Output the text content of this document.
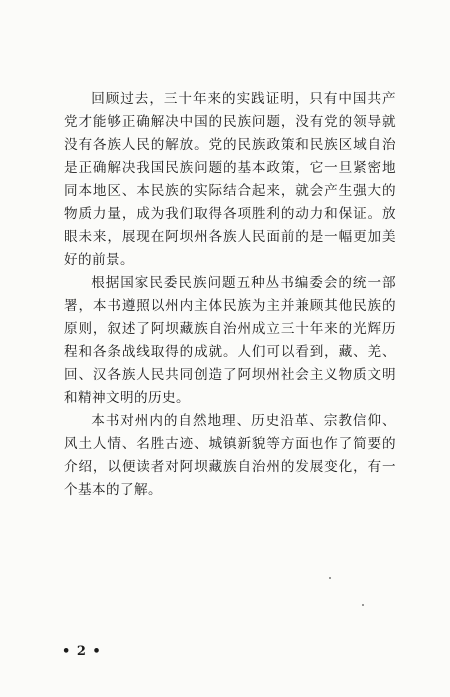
回顾过去，三十年来的实践证明，只有中国共产党才能够正确解决中国的民族问题，没有党的领导就没有各族人民的解放。党的民族政策和民族区域自治是正确解决我国民族问题的基本政策，它一旦紧密地同本地区、本民族的实际结合起来，就会产生强大的物质力量，成为我们取得各项胜利的动力和保证。放眼未来，展现在阿坝州各族人民面前的是一幅更加美好的前景。

根据国家民委民族问题五种丛书编委会的统一部署，本书遵照以州内主体民族为主并兼顾其他民族的原则，叙述了阿坝藏族自治州成立三十年来的光辉历程和各条战线取得的成就。人们可以看到，藏、羌、回、汉各族人民共同创造了阿坝州社会主义物质文明和精神文明的历史。

本书对州内的自然地理、历史沿革、宗教信仰、风土人情、名胜古迹、城镇新貌等方面也作了简要的介绍，以便读者对阿坝藏族自治州的发展变化，有一个基本的了解。

• 2 •
